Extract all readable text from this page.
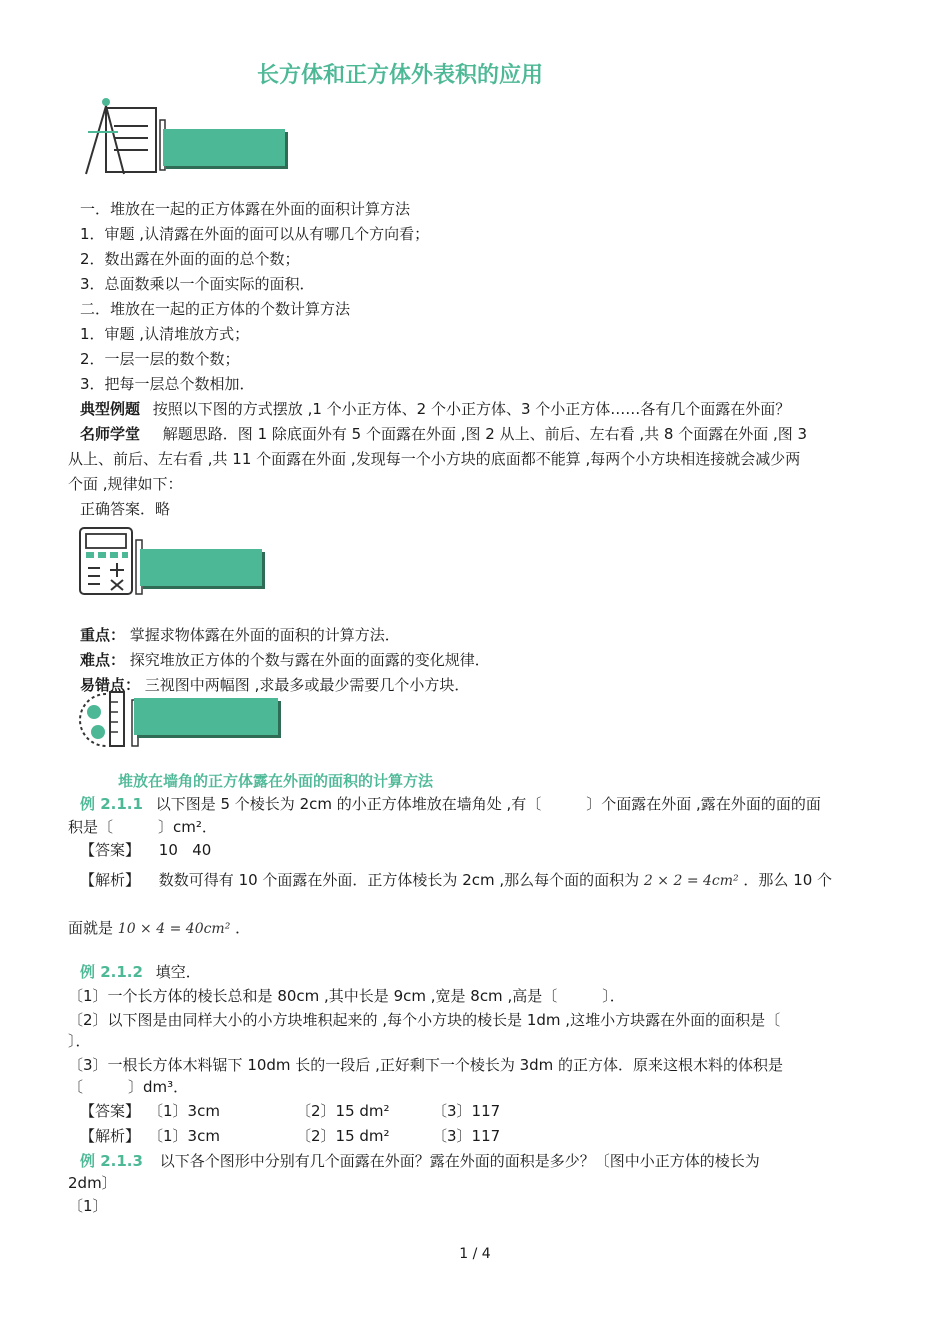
长方体和正方体外表积的应用
一．堆放在一起的正方体露在外面的面积计算方法
1．审题 ,认清露在外面的面可以从有哪几个方向看；
2．数出露在外面的面的总个数；
3．总面数乘以一个面实际的面积．
二．堆放在一起的正方体的个数计算方法
1．审题 ,认清堆放方式；
2．一层一层的数个数；
3．把每一层总个数相加．
典型例题 按照以下图的方式摆放 ,1 个小正方体、2 个小正方体、3 个小正方体……各有几个面露在外面？
名师学堂 解题思路．图 1 除底面外有 5 个面露在外面 ,图 2 从上、前后、左右看 ,共 8 个面露在外面 ,图 3
从上、前后、左右看 ,共 11 个面露在外面 ,发现每一个小方块的底面都不能算 ,每两个小方块相连接就会减少两
个面 ,规律如下：
正确答案．略
重点： 掌握求物体露在外面的面积的计算方法．
难点： 探究堆放正方体的个数与露在外面的面露的变化规律．
易错点： 三视图中两幅图 ,求最多或最少需要几个小方块．
堆放在墙角的正方体露在外面的面积的计算方法
例 2.1.1 以下图是 5 个棱长为 2cm 的小正方体堆放在墙角处 ,有〔　　　〕个面露在外面 ,露在外面的面的面
积是〔　　　〕cm²．
【答案】 10   40
【解析】 数数可得有 10 个面露在外面．正方体棱长为 2cm ,那么每个面的面积为 2 × 2 = 4cm² ．那么 10 个
面就是 10 × 4 = 40cm² ．
例 2.1.2 填空．
〔1〕一个长方体的棱长总和是 80cm ,其中长是 9cm ,宽是 8cm ,高是〔　　　〕．
〔2〕以下图是由同样大小的小方块堆积起来的 ,每个小方块的棱长是 1dm ,这堆小方块露在外面的面积是〔
〕．
〔3〕一根长方体木料锯下 10dm 长的一段后 ,正好剩下一个棱长为 3dm 的正方体．原来这根木料的体积是
〔　　　〕dm³．
【答案】 〔1〕3cm	〔2〕15 dm²	〔3〕117
【解析】 〔1〕3cm	〔2〕15 dm²	〔3〕117
例 2.1.3 以下各个图形中分别有几个面露在外面？露在外面的面积是多少？〔图中小正方体的棱长为
2dm〕
〔1〕
1 / 4
